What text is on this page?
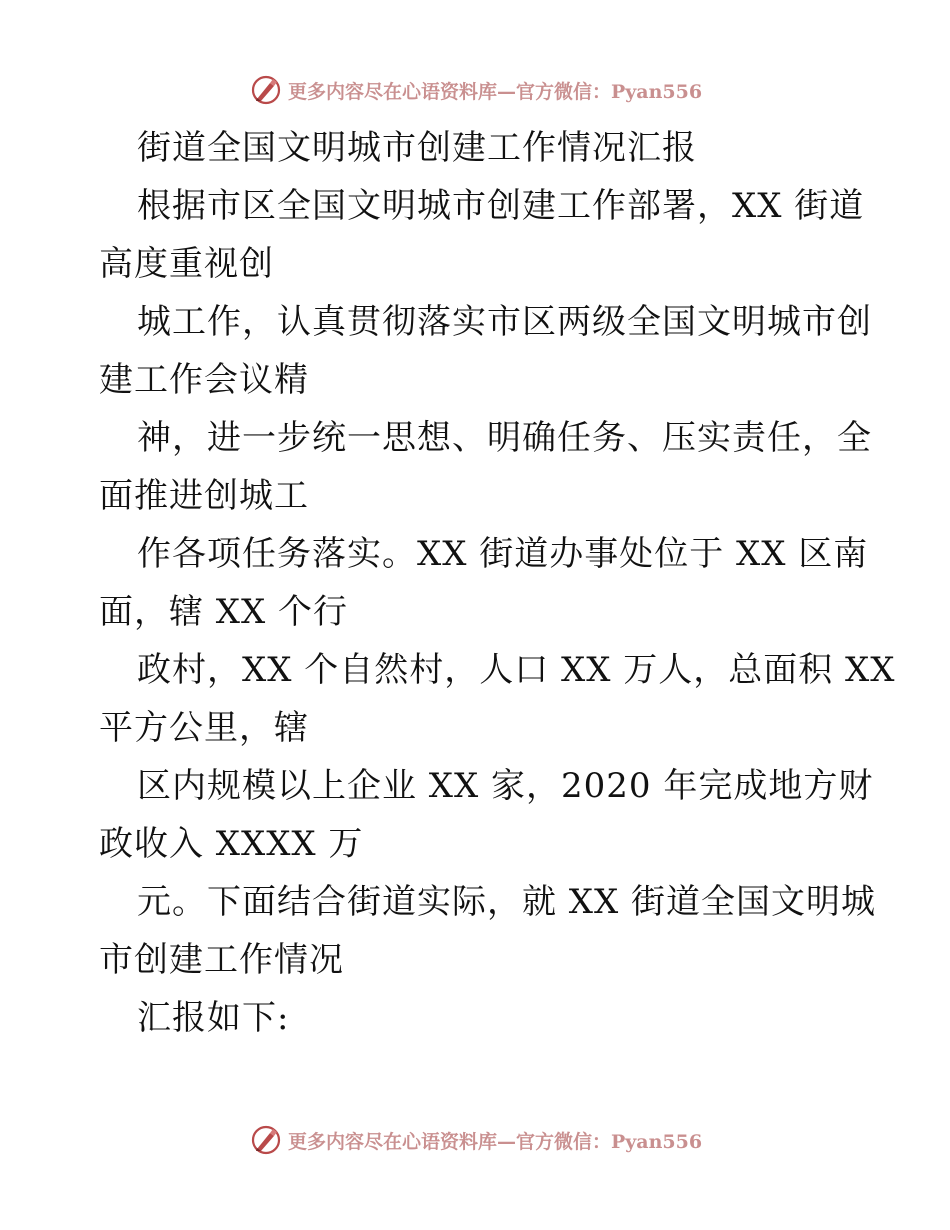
更多内容尽在心语资料库—官方微信：Pyan556
街道全国文明城市创建工作情况汇报
根据市区全国文明城市创建工作部署，XX 街道
高度重视创
城工作，认真贯彻落实市区两级全国文明城市创
建工作会议精
神，进一步统一思想、明确任务、压实责任，全
面推进创城工
作各项任务落实。XX 街道办事处位于 XX 区南
面，辖 XX 个行
政村，XX 个自然村，人口 XX 万人，总面积 XX
平方公里，辖
区内规模以上企业 XX 家，2020 年完成地方财
政收入 XXXX 万
元。下面结合街道实际，就 XX 街道全国文明城
市创建工作情况
汇报如下:
更多内容尽在心语资料库—官方微信：Pyan556
